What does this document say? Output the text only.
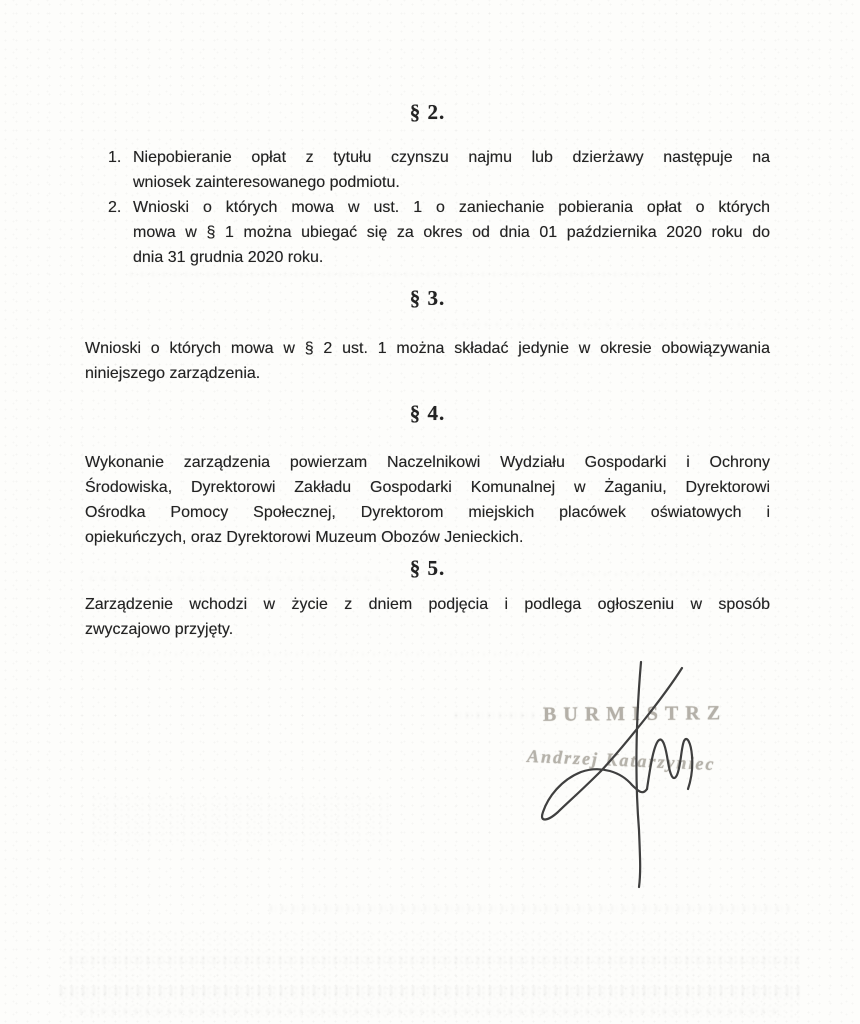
§ 2.
1. Niepobieranie opłat z tytułu czynszu najmu lub dzierżawy następuje na
wniosek zainteresowanego podmiotu.
2. Wnioski o których mowa w ust. 1 o zaniechanie pobierania opłat o których
mowa w § 1 można ubiegać się za okres od dnia 01 października 2020 roku do
dnia 31 grudnia 2020 roku.
§ 3.
Wnioski o których mowa w § 2 ust. 1 można składać jedynie w okresie obowiązywania
niniejszego zarządzenia.
§ 4.
Wykonanie zarządzenia powierzam Naczelnikowi Wydziału Gospodarki i Ochrony
Środowiska, Dyrektorowi Zakładu Gospodarki Komunalnej w Żaganiu, Dyrektorowi
Ośrodka Pomocy Społecznej, Dyrektorom miejskich placówek oświatowych i
opiekuńczych, oraz Dyrektorowi Muzeum Obozów Jenieckich.
§ 5.
Zarządzenie wchodzi w życie z dniem podjęcia i podlega ogłoszeniu w sposób
zwyczajowo przyjęty.
BURMISTRZ
Andrzej Katarzyniec
